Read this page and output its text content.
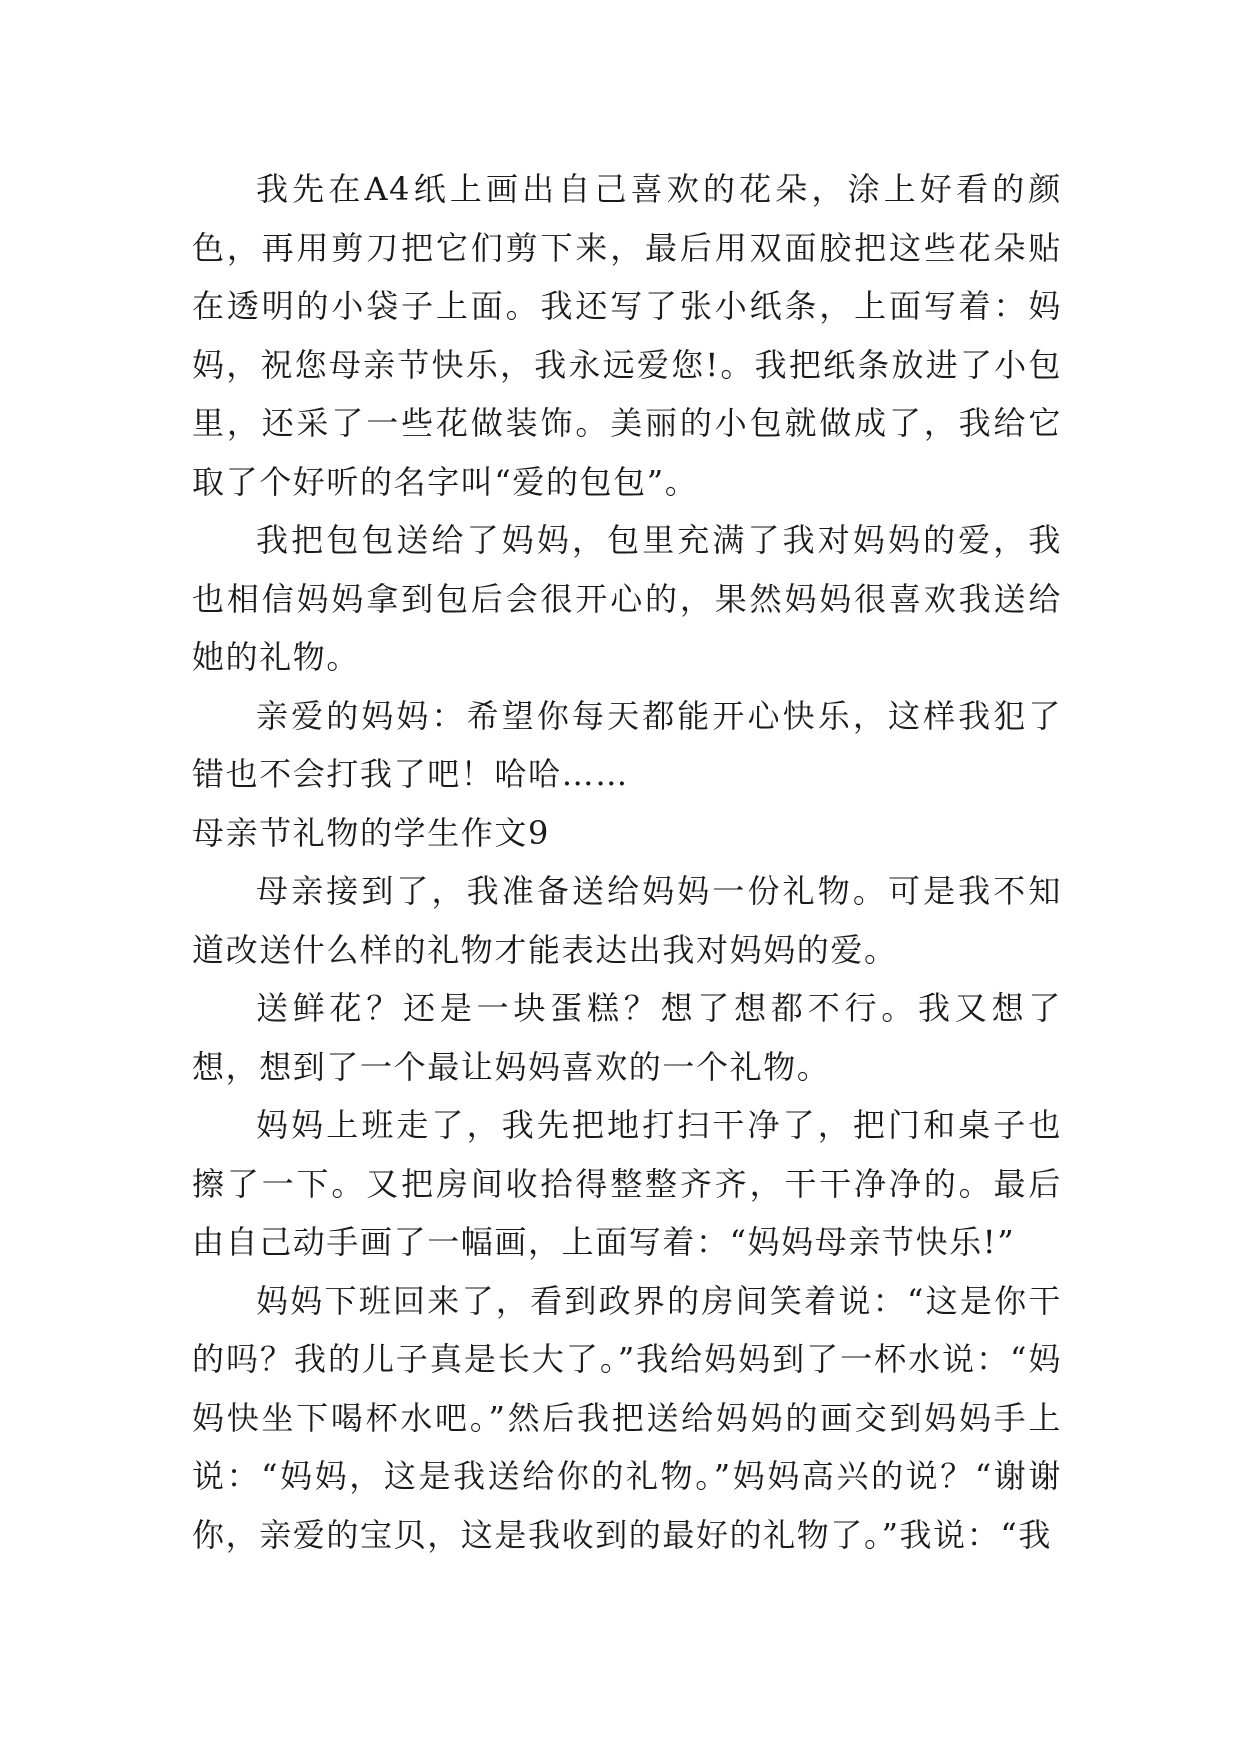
我先在A4纸上画出自己喜欢的花朵，涂上好看的颜色，再用剪刀把它们剪下来，最后用双面胶把这些花朵贴在透明的小袋子上面。我还写了张小纸条，上面写着：妈妈，祝您母亲节快乐，我永远爱您!。我把纸条放进了小包里，还采了一些花做装饰。美丽的小包就做成了，我给它取了个好听的名字叫“爱的包包”。

我把包包送给了妈妈，包里充满了我对妈妈的爱，我也相信妈妈拿到包后会很开心的，果然妈妈很喜欢我送给她的礼物。

亲爱的妈妈：希望你每天都能开心快乐，这样我犯了错也不会打我了吧！哈哈……

母亲节礼物的学生作文9

母亲接到了，我准备送给妈妈一份礼物。可是我不知道改送什么样的礼物才能表达出我对妈妈的爱。

送鲜花？还是一块蛋糕？想了想都不行。我又想了想，想到了一个最让妈妈喜欢的一个礼物。

妈妈上班走了，我先把地打扫干净了，把门和桌子也擦了一下。又把房间收拾得整整齐齐，干干净净的。最后由自己动手画了一幅画，上面写着：“妈妈母亲节快乐!”

妈妈下班回来了，看到政界的房间笑着说：“这是你干的吗？我的儿子真是长大了。”我给妈妈到了一杯水说：“妈妈快坐下喝杯水吧。”然后我把送给妈妈的画交到妈妈手上说：“妈妈，这是我送给你的礼物。”妈妈高兴的说？“谢谢你，亲爱的宝贝，这是我收到的最好的礼物了。”我说：“我
